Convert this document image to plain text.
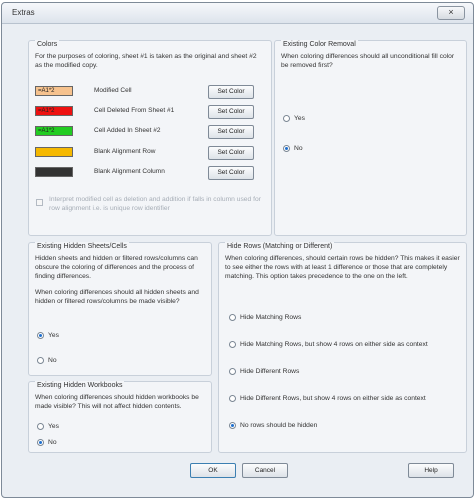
Extras	×
Colors
For the purposes of coloring, sheet #1 is taken as the original and sheet #2 as the modified copy.
=A1*2	Modified Cell	Set Color
=A1*2	Cell Deleted From Sheet #1	Set Color
=A1*2	Cell Added In Sheet #2	Set Color
Blank Alignment Row	Set Color
Blank Alignment Column	Set Color
Interpret modified cell as deletion and addition if falls in column used for row alignment i.e. is unique row identifier
Existing Color Removal
When coloring differences should all unconditional fill color be removed first?
Yes
No
Existing Hidden Sheets/Cells
Hidden sheets and hidden or filtered rows/columns can obscure the coloring of differences and the process of finding differences.
When coloring differences should all hidden sheets and hidden or filtered rows/columns be made visible?
Yes
No
Existing Hidden Workbooks
When coloring differences should hidden workbooks be made visible? This will not affect hidden contents.
Yes
No
Hide Rows (Matching or Different)
When coloring differences, should certain rows be hidden? This makes it easier to see either the rows with at least 1 difference or those that are completely matching. This option takes precedence to the one on the left.
Hide Matching Rows
Hide Matching Rows, but show 4 rows on either side as context
Hide Different Rows
Hide Different Rows, but show 4 rows on either side as context
No rows should be hidden
OK	Cancel	Help
